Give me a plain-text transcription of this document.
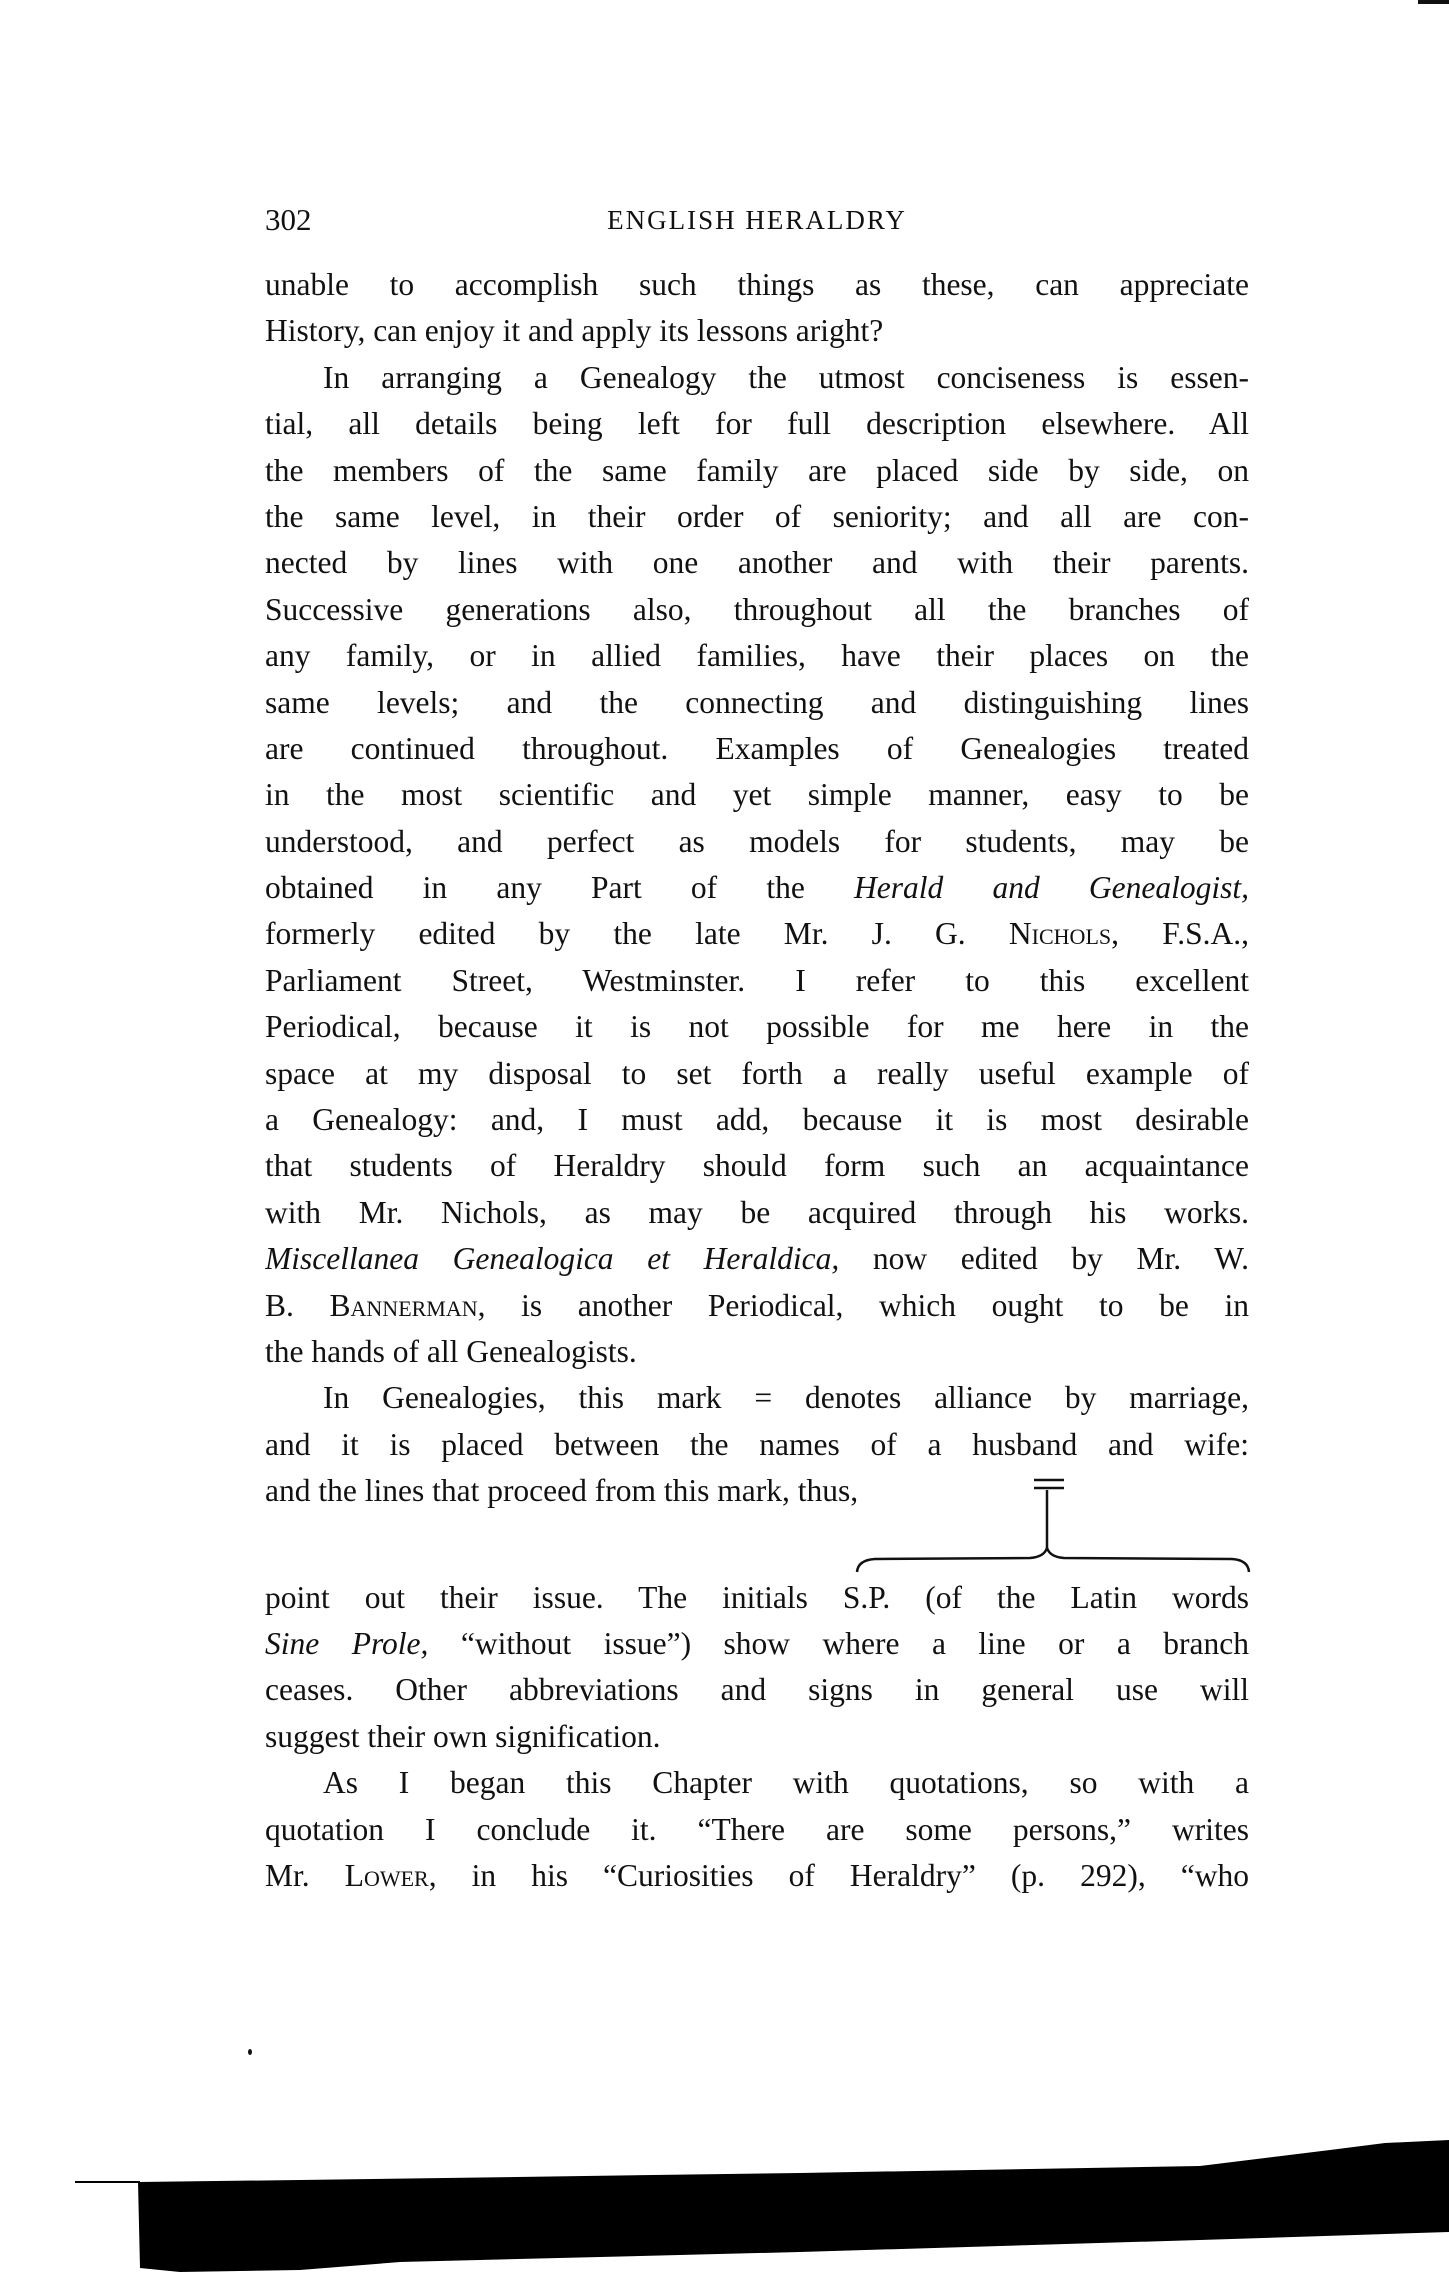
302	ENGLISH HERALDRY
unable to accomplish such things as these, can appreciate
History, can enjoy it and apply its lessons aright?
In arranging a Genealogy the utmost conciseness is essen-
tial, all details being left for full description elsewhere. All
the members of the same family are placed side by side, on
the same level, in their order of seniority; and all are con-
nected by lines with one another and with their parents.
Successive generations also, throughout all the branches of
any family, or in allied families, have their places on the
same levels; and the connecting and distinguishing lines
are continued throughout. Examples of Genealogies treated
in the most scientific and yet simple manner, easy to be
understood, and perfect as models for students, may be
obtained in any Part of the Herald and Genealogist,
formerly edited by the late Mr. J. G. Nichols, F.S.A.,
Parliament Street, Westminster. I refer to this excellent
Periodical, because it is not possible for me here in the
space at my disposal to set forth a really useful example of
a Genealogy: and, I must add, because it is most desirable
that students of Heraldry should form such an acquaintance
with Mr. Nichols, as may be acquired through his works.
Miscellanea Genealogica et Heraldica, now edited by Mr. W.
B. Bannerman, is another Periodical, which ought to be in
the hands of all Genealogists.
In Genealogies, this mark = denotes alliance by marriage,
and it is placed between the names of a husband and wife:
and the lines that proceed from this mark, thus,
point out their issue. The initials S.P. (of the Latin words
Sine Prole, “without issue”) show where a line or a branch
ceases. Other abbreviations and signs in general use will
suggest their own signification.
As I began this Chapter with quotations, so with a
quotation I conclude it. “There are some persons,” writes
Mr. Lower, in his “Curiosities of Heraldry” (p. 292), “who
